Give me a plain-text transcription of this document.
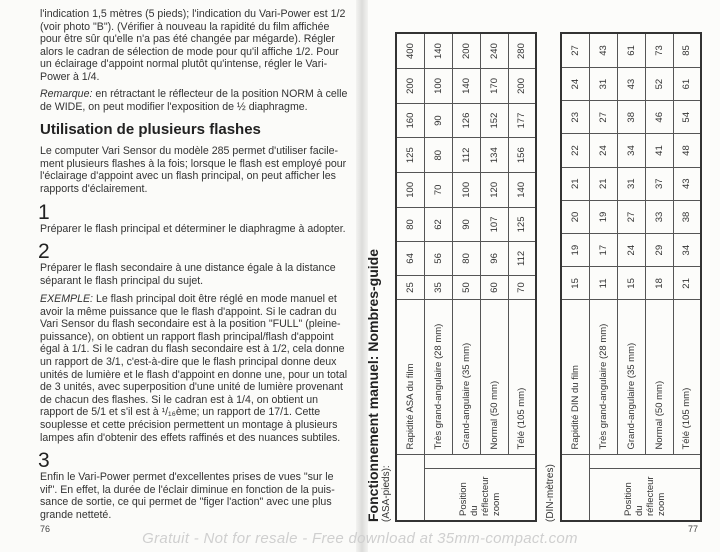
l'indication 1,5 mètres (5 pieds); l'indication du Vari-Power est 1/2
(voir photo "B"). (Vérifier à nouveau la rapidité du film affichée
pour être sûr qu'elle n'a pas été changée par mégarde). Régler
alors le cadran de sélection de mode pour qu'il affiche 1/2. Pour
un éclairage d'appoint normal plutôt qu'intense, régler le Vari-
Power à 1/4.
Remarque: en rétractant le réflecteur de la position NORM à celle
de WIDE, on peut modifier l'exposition de ½ diaphragme.
Utilisation de plusieurs flashes
Le computer Vari Sensor du modèle 285 permet d'utiliser facile-
ment plusieurs flashes à la fois; lorsque le flash est employé pour
l'éclairage d'appoint avec un flash principal, on peut afficher les
rapports d'éclairement.
1
Préparer le flash principal et déterminer le diaphragme à adopter.
2
Préparer le flash secondaire à une distance égale à la distance
séparant le flash principal du sujet.
EXEMPLE: Le flash principal doit être réglé en mode manuel et
avoir la même puissance que le flash d'appoint. Si le cadran du
Vari Sensor du flash secondaire est à la position "FULL" (pleine-
puissance), on obtient un rapport flash principal/flash d'appoint
égal à 1/1. Si le cadran du flash secondaire est à 1/2, cela donne
un rapport de 3/1, c'est-à-dire que le flash principal donne deux
unités de lumière et le flash d'appoint en donne une, pour un total
de 3 unités, avec superposition d'une unité de lumière provenant
de chacun des flashes. Si le cadran est à 1/4, on obtient un
rapport de 5/1 et s'il est à ¹/₁₆ème; un rapport de 17/1. Cette
souplesse et cette précision permettent un montage à plusieurs
lampes afin d'obtenir des effets raffinés et des nuances subtiles.
3
Enfin le Vari-Power permet d'excellentes prises de vues "sur le
vif". En effet, la durée de l'éclair diminue en fonction de la puis-
sance de sortie, ce qui permet de "figer l'action" avec une plus
grande netteté.
76
Fonctionnement manuel: Nombres-guide (ASA-pieds):
		Rapidité ASA du film	25	64	80	100	125	160	200	400

Position du réflecteur zoom		Très grand-angulaire (28 mm)	35	56	62	70	80	90	100	140
		Grand-angulaire (35 mm)	50	80	90	100	112	126	140	200
		Normal (50 mm)	60	96	107	120	134	152	170	240
		Télé (105 mm)	70	112	125	140	156	177	200	280
(DIN-mètres)
		Rapidité DIN du film	15	19	20	21	22	23	24	27

Position du réflecteur zoom		Très grand-angulaire (28 mm)	11	17	19	21	24	27	31	43
		Grand-angulaire (35 mm)	15	24	27	31	34	38	43	61
		Normal (50 mm)	18	29	33	37	41	46	52	73
		Télé (105 mm)	21	34	38	43	48	54	61	85
77
Gratuit - Not for resale - Free download at 35mm-compact.com
